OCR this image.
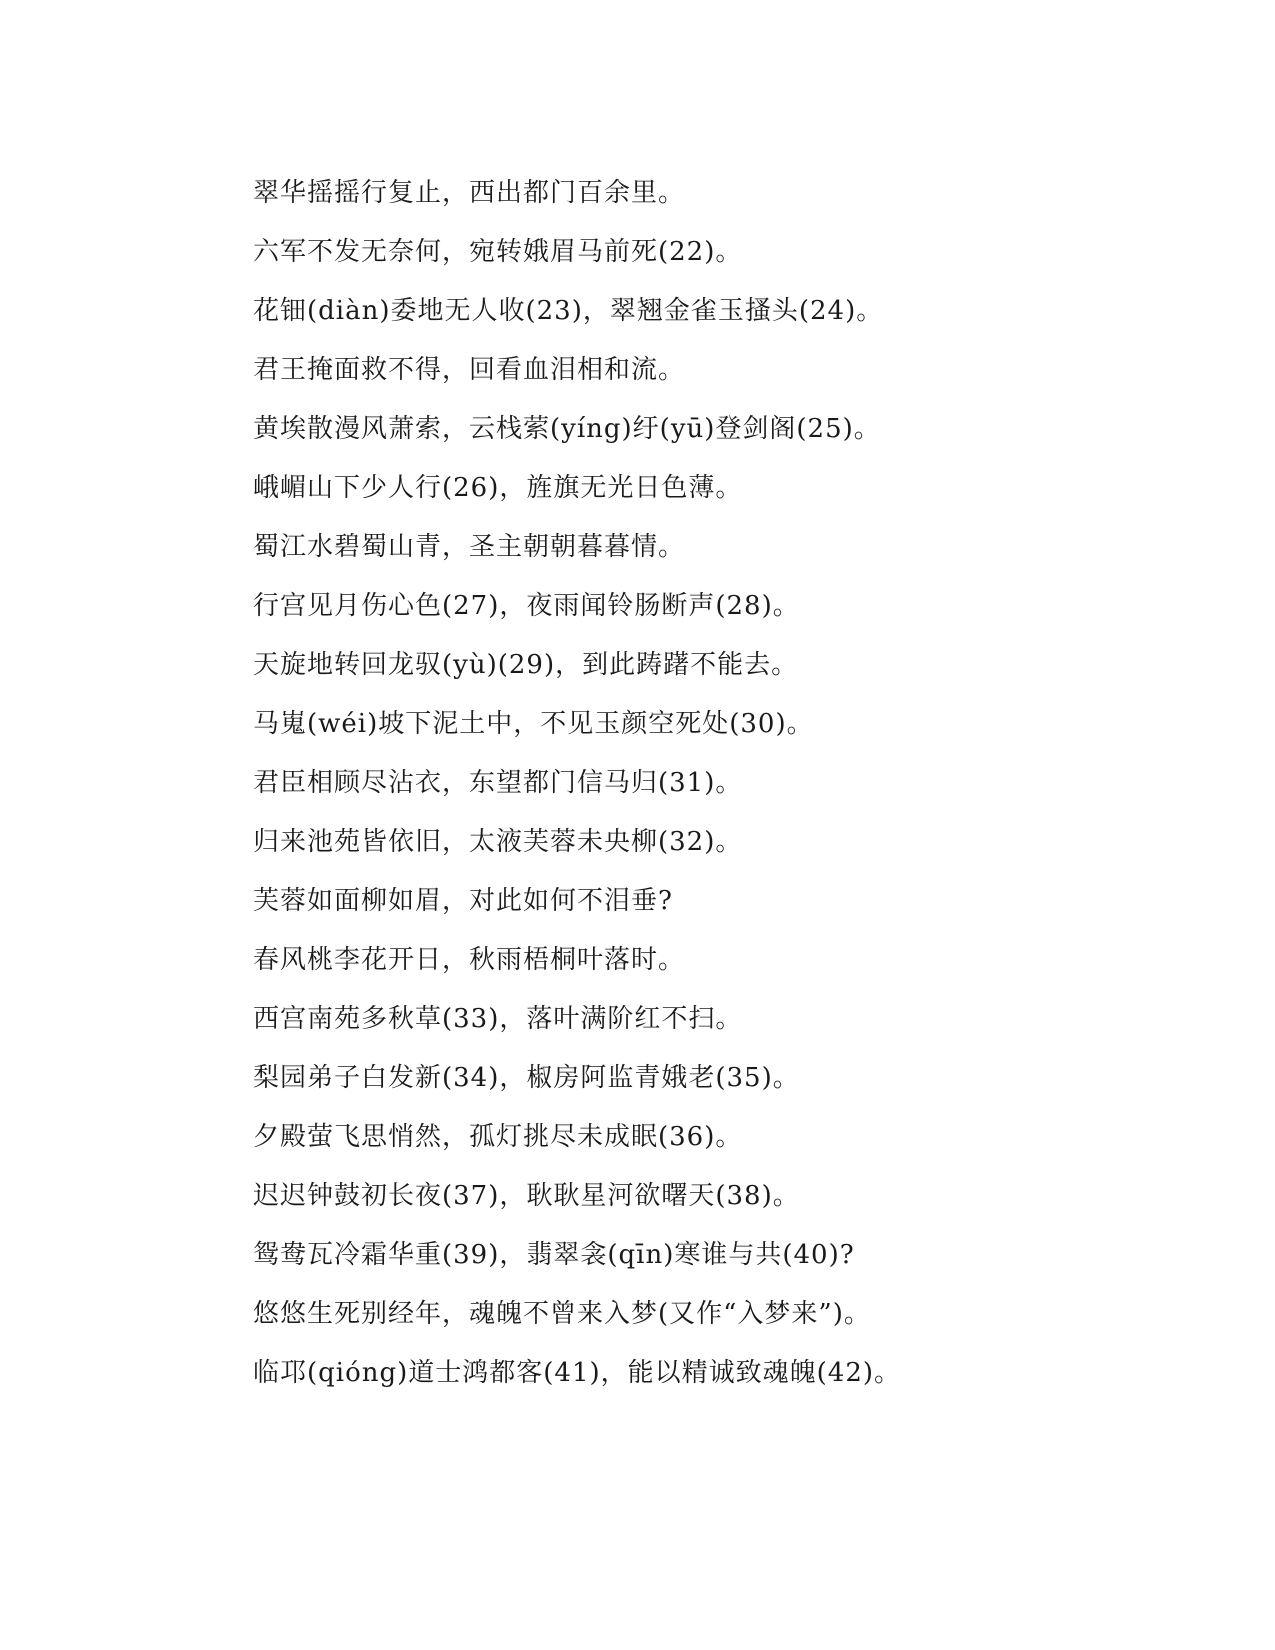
翠华摇摇行复止，西出都门百余里。

六军不发无奈何，宛转娥眉马前死(22)。

花钿(diàn)委地无人收(23)，翠翘金雀玉搔头(24)。

君王掩面救不得，回看血泪相和流。

黄埃散漫风萧索，云栈萦(yíng)纡(yū)登剑阁(25)。

峨嵋山下少人行(26)，旌旗无光日色薄。

蜀江水碧蜀山青，圣主朝朝暮暮情。

行宫见月伤心色(27)，夜雨闻铃肠断声(28)。

天旋地转回龙驭(yù)(29)，到此踌躇不能去。

马嵬(wéi)坡下泥土中，不见玉颜空死处(30)。

君臣相顾尽沾衣，东望都门信马归(31)。

归来池苑皆依旧，太液芙蓉未央柳(32)。

芙蓉如面柳如眉，对此如何不泪垂?

春风桃李花开日，秋雨梧桐叶落时。

西宫南苑多秋草(33)，落叶满阶红不扫。

梨园弟子白发新(34)，椒房阿监青娥老(35)。

夕殿萤飞思悄然，孤灯挑尽未成眠(36)。

迟迟钟鼓初长夜(37)，耿耿星河欲曙天(38)。

鸳鸯瓦冷霜华重(39)，翡翠衾(qīn)寒谁与共(40)?

悠悠生死别经年，魂魄不曾来入梦(又作“入梦来”)。

临邛(qióng)道士鸿都客(41)，能以精诚致魂魄(42)。
